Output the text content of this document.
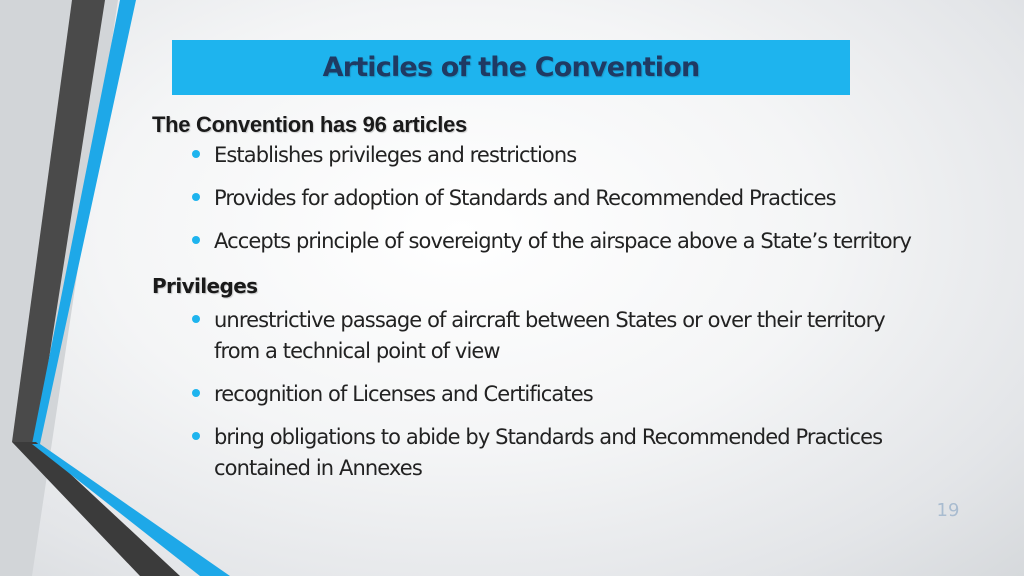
Articles of the Convention
The Convention has 96 articles
Establishes privileges and restrictions
Provides for adoption of Standards and Recommended Practices
Accepts principle of sovereignty of the airspace above a State’s territory
Privileges
unrestrictive passage of aircraft between States or over their territory from a technical point of view
recognition of Licenses and Certificates
bring obligations to abide by Standards and Recommended Practices contained in Annexes
19
